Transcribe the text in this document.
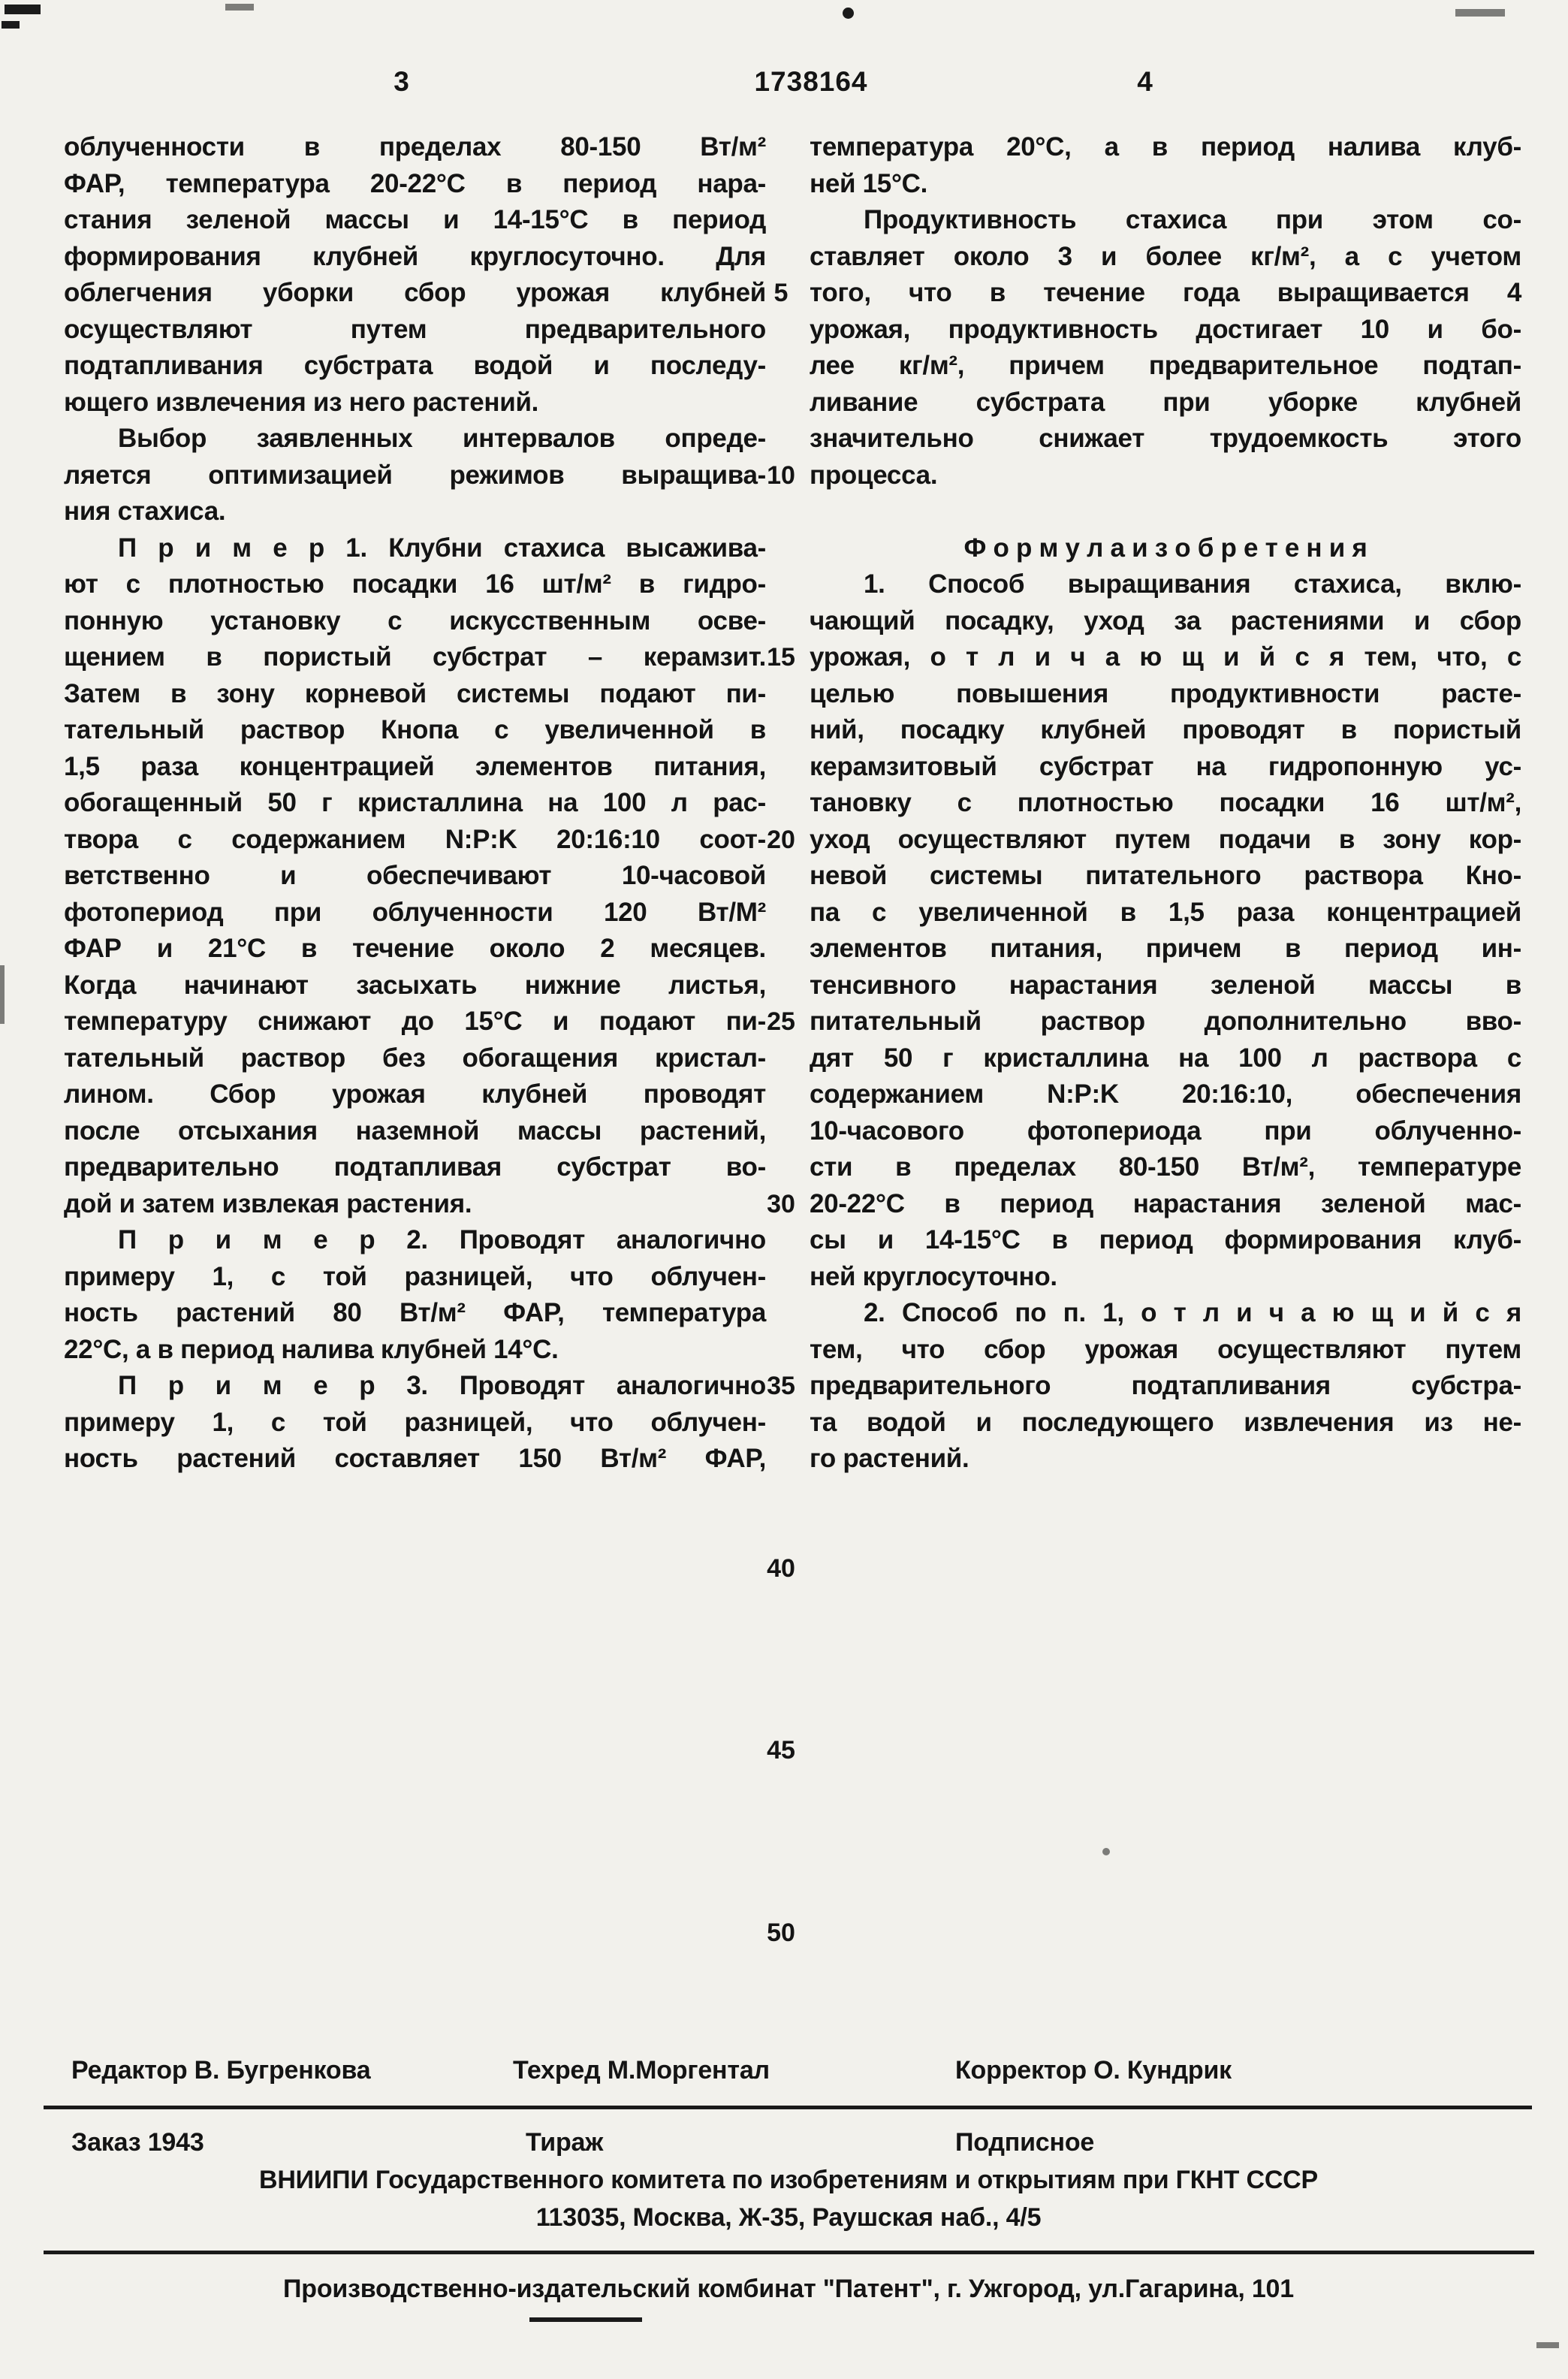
3	1738164	4
облученности в пределах 80-150 Вт/м²
ФАР, температура 20-22°С в период нара-
стания зеленой массы и 14-15°С в период
формирования клубней круглосуточно. Для
облегчения уборки сбор урожая клубней
осуществляют путем предварительного
подтапливания субстрата водой и последу-
ющего извлечения из него растений.
Выбор заявленных интервалов опреде-
ляется оптимизацией режимов выращива-
ния стахиса.
П р и м е р 1. Клубни стахиса высажива-
ют с плотностью посадки 16 шт/м² в гидро-
понную установку с искусственным осве-
щением в пористый субстрат – керамзит.
Затем в зону корневой системы подают пи-
тательный раствор Кнопа с увеличенной в
1,5 раза концентрацией элементов питания,
обогащенный 50 г кристаллина на 100 л рас-
твора с содержанием N:P:K 20:16:10 соот-
ветственно и обеспечивают 10-часовой
фотопериод при облученности 120 Вт/М²
ФАР и 21°С в течение около 2 месяцев.
Когда начинают засыхать нижние листья,
температуру снижают до 15°С и подают пи-
тательный раствор без обогащения кристал-
лином. Сбор урожая клубней проводят
после отсыхания наземной массы растений,
предварительно подтапливая субстрат во-
дой и затем извлекая растения.
П р и м е р 2. Проводят аналогично
примеру 1, с той разницей, что облучен-
ность растений 80 Вт/м² ФАР, температура
22°С, а в период налива клубней 14°С.
П р и м е р 3. Проводят аналогично
примеру 1, с той разницей, что облучен-
ность растений составляет 150 Вт/м² ФАР,
5
10
15
20
25
30
35
40
45
50
температура 20°С, а в период налива клуб-
ней 15°С.
Продуктивность стахиса при этом со-
ставляет около 3 и более кг/м², а с учетом
того, что в течение года выращивается 4
урожая, продуктивность достигает 10 и бо-
лее кг/м², причем предварительное подтап-
ливание субстрата при уборке клубней
значительно снижает трудоемкость этого
процесса.
Ф о р м у л а и з о б р е т е н и я
1. Способ выращивания стахиса, вклю-
чающий посадку, уход за растениями и сбор
урожая, о т л и ч а ю щ и й с я тем, что, с
целью повышения продуктивности расте-
ний, посадку клубней проводят в пористый
керамзитовый субстрат на гидропонную ус-
тановку с плотностью посадки 16 шт/м²,
уход осуществляют путем подачи в зону кор-
невой системы питательного раствора Кно-
па с увеличенной в 1,5 раза концентрацией
элементов питания, причем в период ин-
тенсивного нарастания зеленой массы в
питательный раствор дополнительно вво-
дят 50 г кристаллина на 100 л раствора с
содержанием N:P:K 20:16:10, обеспечения
10-часового фотопериода при облученно-
сти в пределах 80-150 Вт/м², температуре
20-22°С в период нарастания зеленой мас-
сы и 14-15°С в период формирования клуб-
ней круглосуточно.
2. Способ по п. 1, о т л и ч а ю щ и й с я
тем, что сбор урожая осуществляют путем
предварительного подтапливания субстра-
та водой и последующего извлечения из не-
го растений.
Редактор В. Бугренкова	Техред М.Моргентал	Корректор О. Кундрик
Заказ 1943	Тираж	Подписное
ВНИИПИ Государственного комитета по изобретениям и открытиям при ГКНТ СССР
113035, Москва, Ж-35, Раушская наб., 4/5
Производственно-издательский комбинат "Патент", г. Ужгород, ул.Гагарина, 101
